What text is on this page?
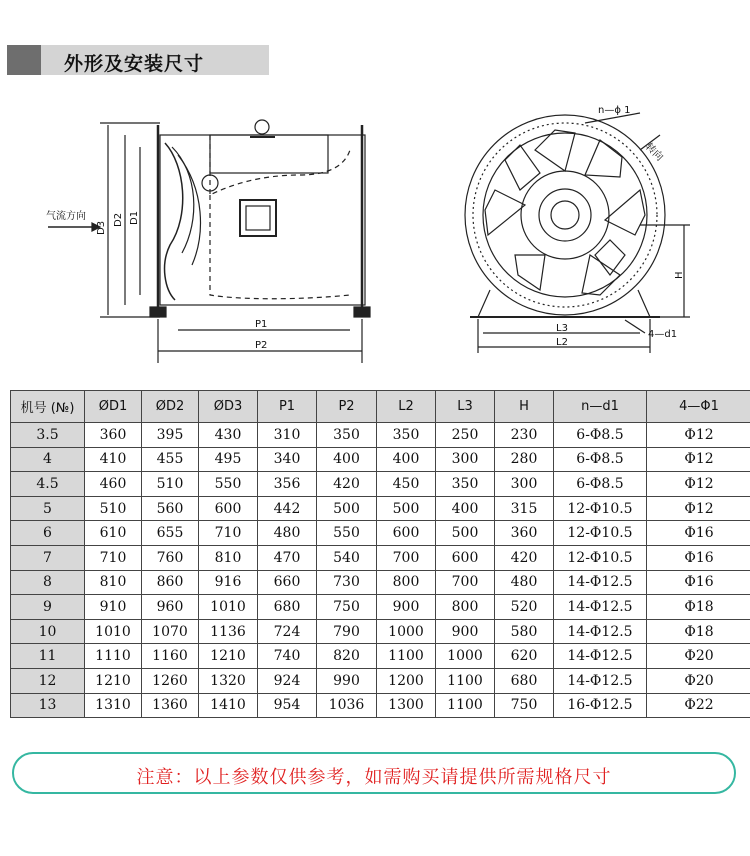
外形及安装尺寸
气流方向
D3
D2 D1
P1
P2
n—ϕ 1
转向
H
L3
L2
4—d1
机号 (№)	ØD1	ØD2	ØD3	P1	P2	L2	L3	H	n—d1	4—Φ1
3.5	360	395	430	310	350	350	250	230	6-Φ8.5	Φ12
4	410	455	495	340	400	400	300	280	6-Φ8.5	Φ12
4.5	460	510	550	356	420	450	350	300	6-Φ8.5	Φ12
5	510	560	600	442	500	500	400	315	12-Φ10.5	Φ12
6	610	655	710	480	550	600	500	360	12-Φ10.5	Φ16
7	710	760	810	470	540	700	600	420	12-Φ10.5	Φ16
8	810	860	916	660	730	800	700	480	14-Φ12.5	Φ16
9	910	960	1010	680	750	900	800	520	14-Φ12.5	Φ18
10	1010	1070	1136	724	790	1000	900	580	14-Φ12.5	Φ18
11	1110	1160	1210	740	820	1100	1000	620	14-Φ12.5	Φ20
12	1210	1260	1320	924	990	1200	1100	680	14-Φ12.5	Φ20
13	1310	1360	1410	954	1036	1300	1100	750	16-Φ12.5	Φ22
注意：以上参数仅供参考，如需购买请提供所需规格尺寸
